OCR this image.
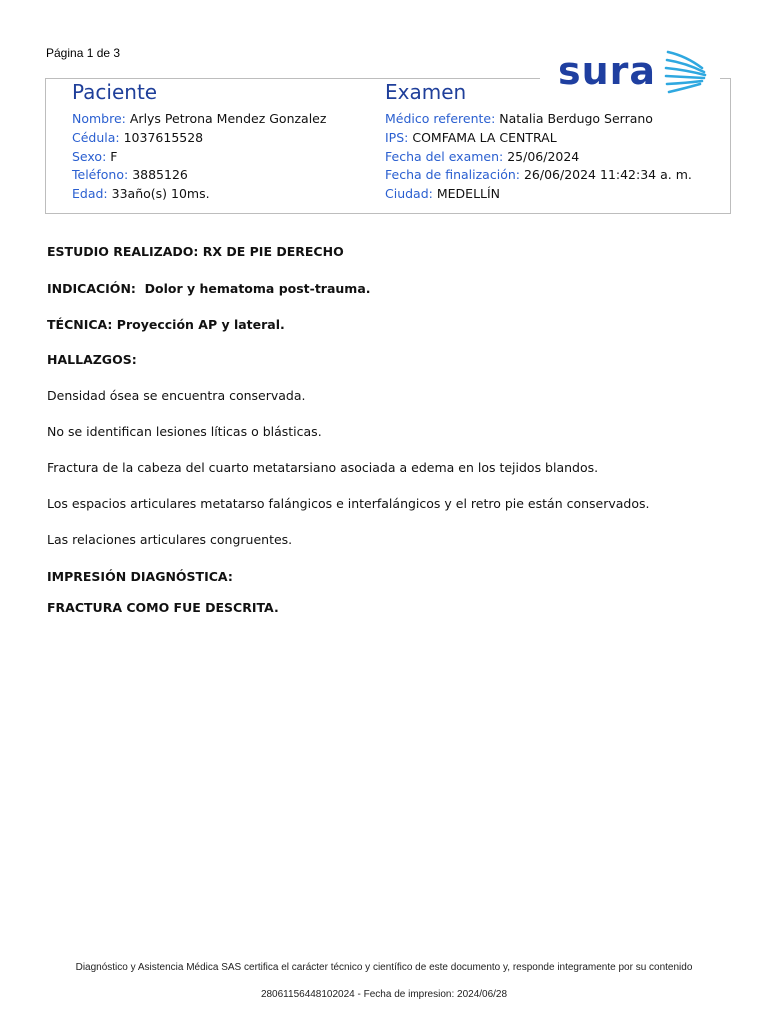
Página 1 de 3	sura
Paciente
Nombre: Arlys Petrona Mendez Gonzalez
Cédula: 1037615528
Sexo: F
Teléfono: 3885126
Edad: 33año(s) 10ms.
Examen
Médico referente: Natalia Berdugo Serrano
IPS: COMFAMA LA CENTRAL
Fecha del examen: 25/06/2024
Fecha de finalización: 26/06/2024 11:42:34 a. m.
Ciudad: MEDELLÍN

ESTUDIO REALIZADO: RX DE PIE DERECHO

INDICACIÓN: Dolor y hematoma post-trauma.

TÉCNICA: Proyección AP y lateral.

HALLAZGOS:

Densidad ósea se encuentra conservada.

No se identifican lesiones líticas o blásticas.

Fractura de la cabeza del cuarto metatarsiano asociada a edema en los tejidos blandos.

Los espacios articulares metatarso falángicos e interfalángicos y el retro pie están conservados.

Las relaciones articulares congruentes.

IMPRESIÓN DIAGNÓSTICA:

FRACTURA COMO FUE DESCRITA.

Diagnóstico y Asistencia Médica SAS certifica el carácter técnico y científico de este documento y, responde integramente por su contenido
28061156448102024 - Fecha de impresion: 2024/06/28
